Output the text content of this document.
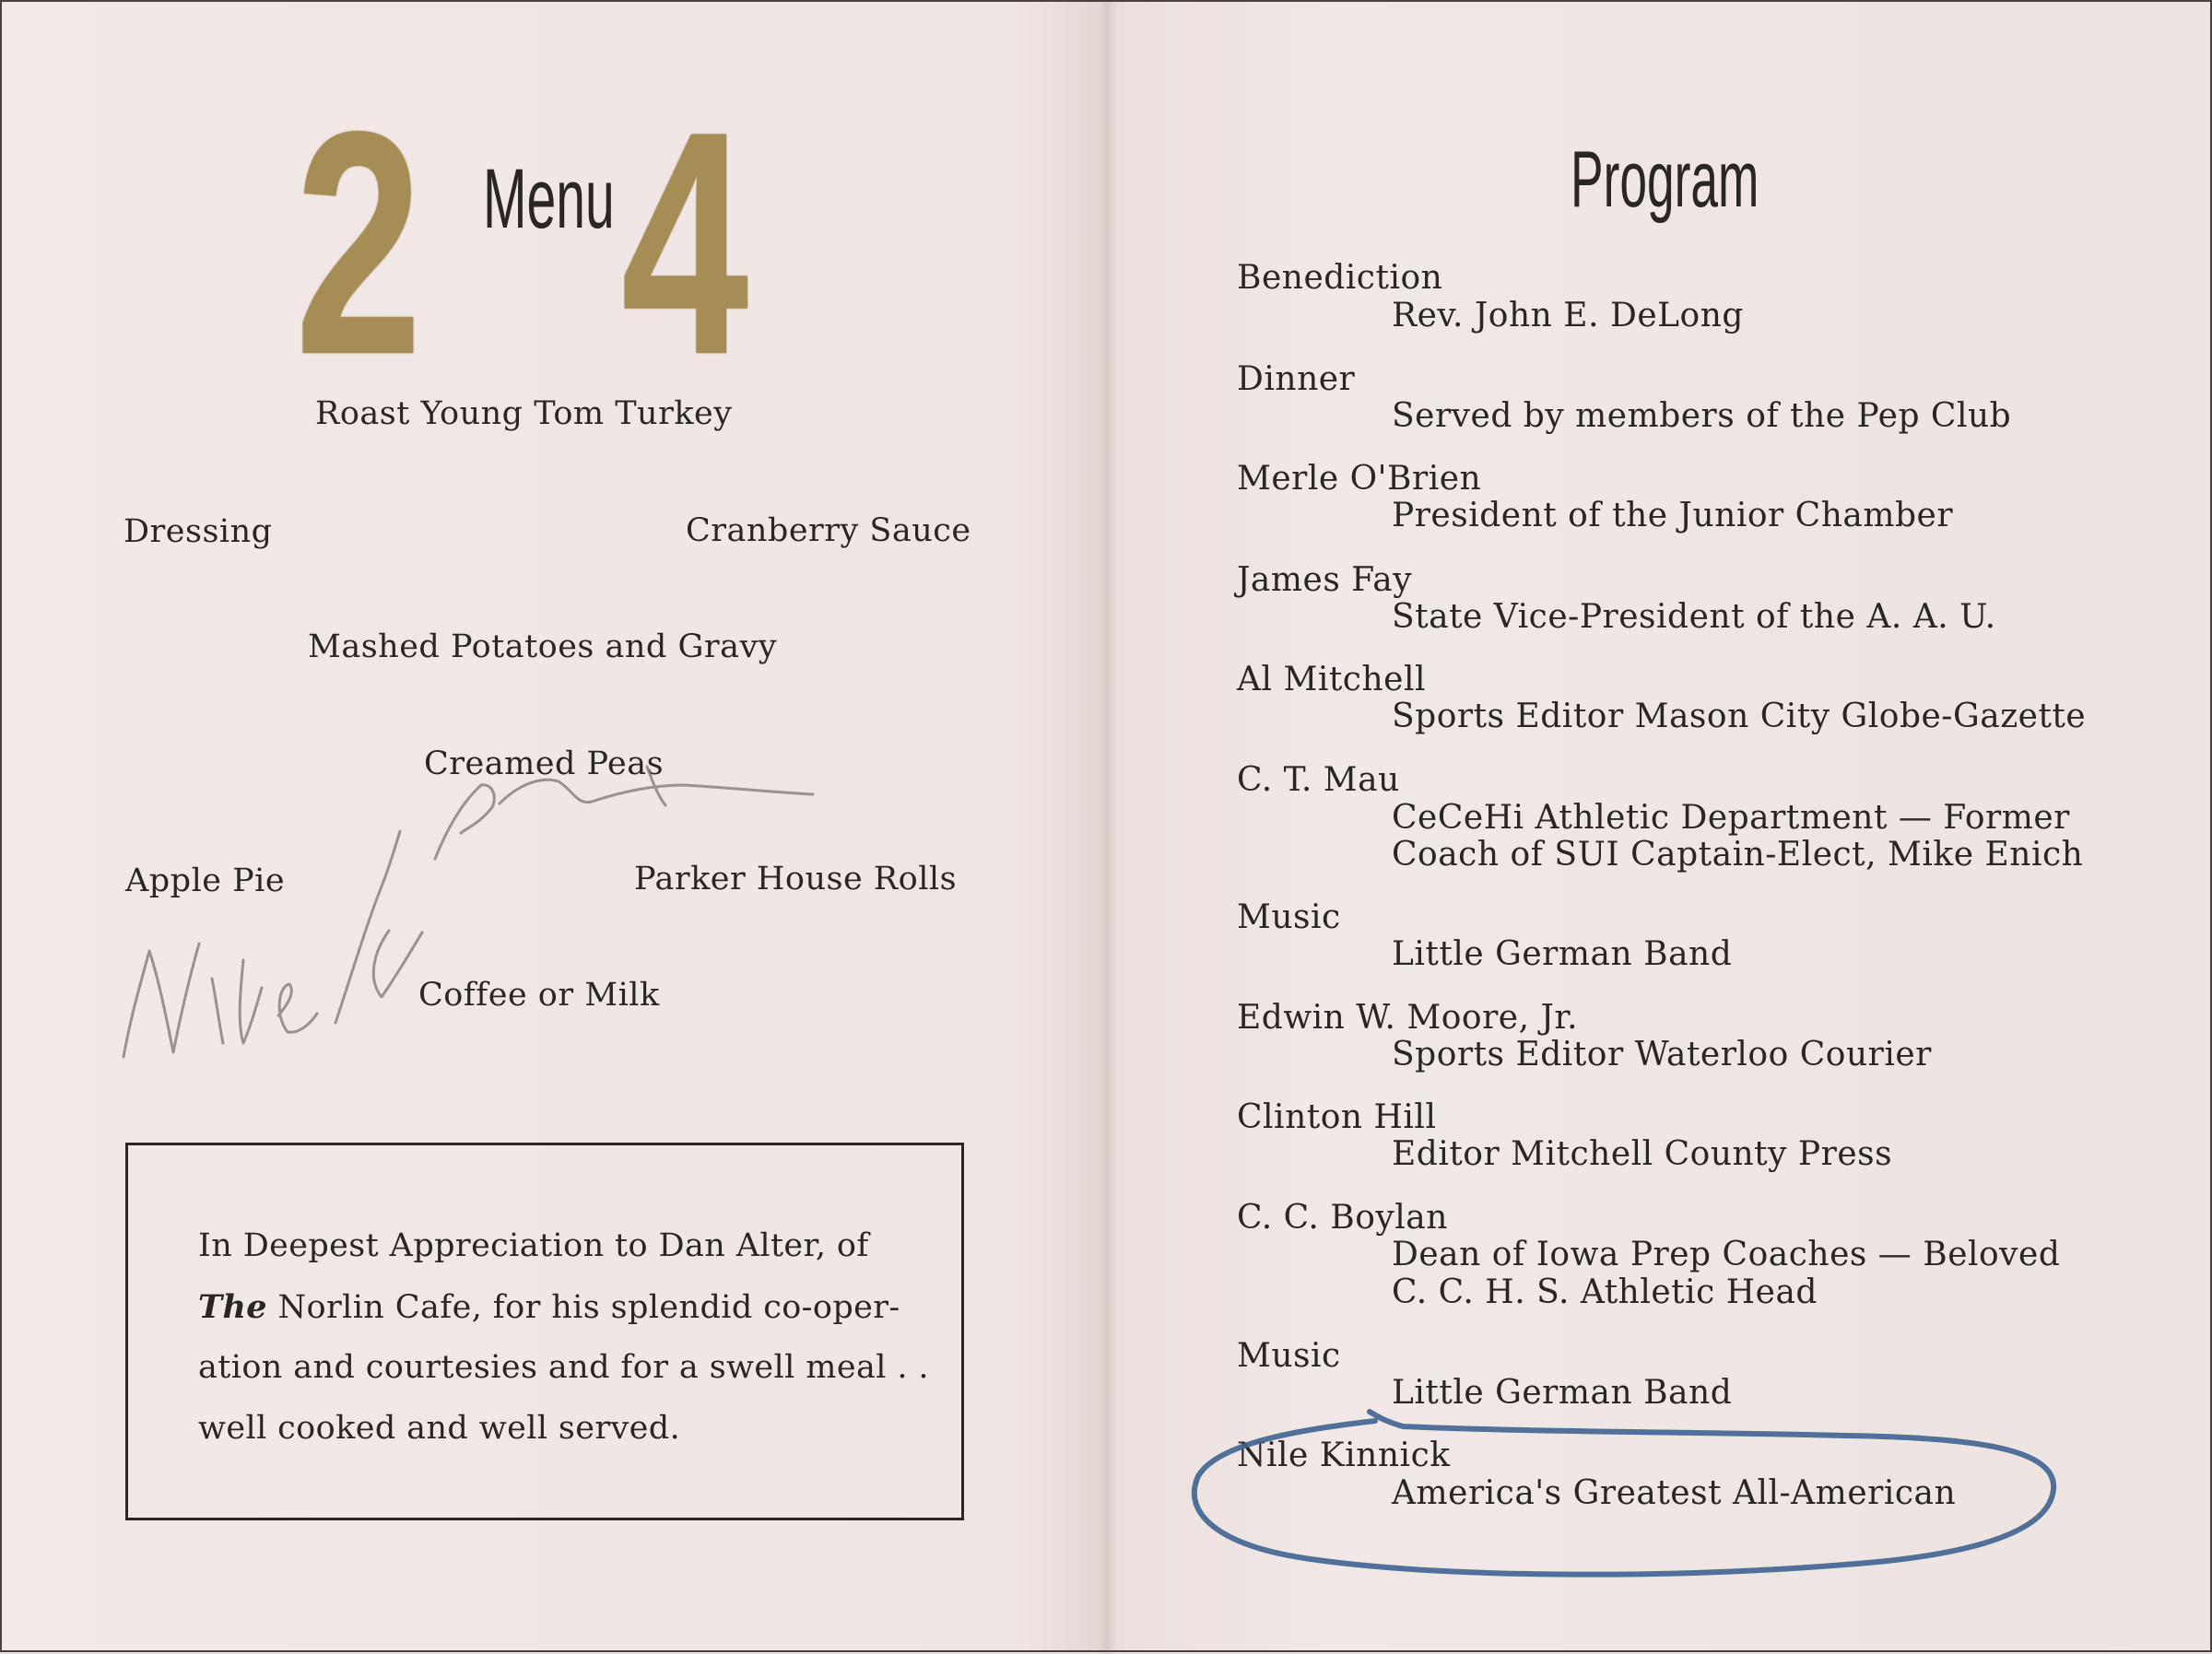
2 Menu 4
Roast Young Tom Turkey
Dressing	Cranberry Sauce
Mashed Potatoes and Gravy
Creamed Peas
Apple Pie	Parker House Rolls
Coffee or Milk
In Deepest Appreciation to Dan Alter, of
The Norlin Cafe, for his splendid co-oper-
ation and courtesies and for a swell meal . .
well cooked and well served.
Program
Benediction
Rev. John E. DeLong
Dinner
Served by members of the Pep Club
Merle O'Brien
President of the Junior Chamber
James Fay
State Vice-President of the A. A. U.
Al Mitchell
Sports Editor Mason City Globe-Gazette
C. T. Mau
CeCeHi Athletic Department — Former
Coach of SUI Captain-Elect, Mike Enich
Music
Little German Band
Edwin W. Moore, Jr.
Sports Editor Waterloo Courier
Clinton Hill
Editor Mitchell County Press
C. C. Boylan
Dean of Iowa Prep Coaches — Beloved
C. C. H. S. Athletic Head
Music
Little German Band
Nile Kinnick
America's Greatest All-American
